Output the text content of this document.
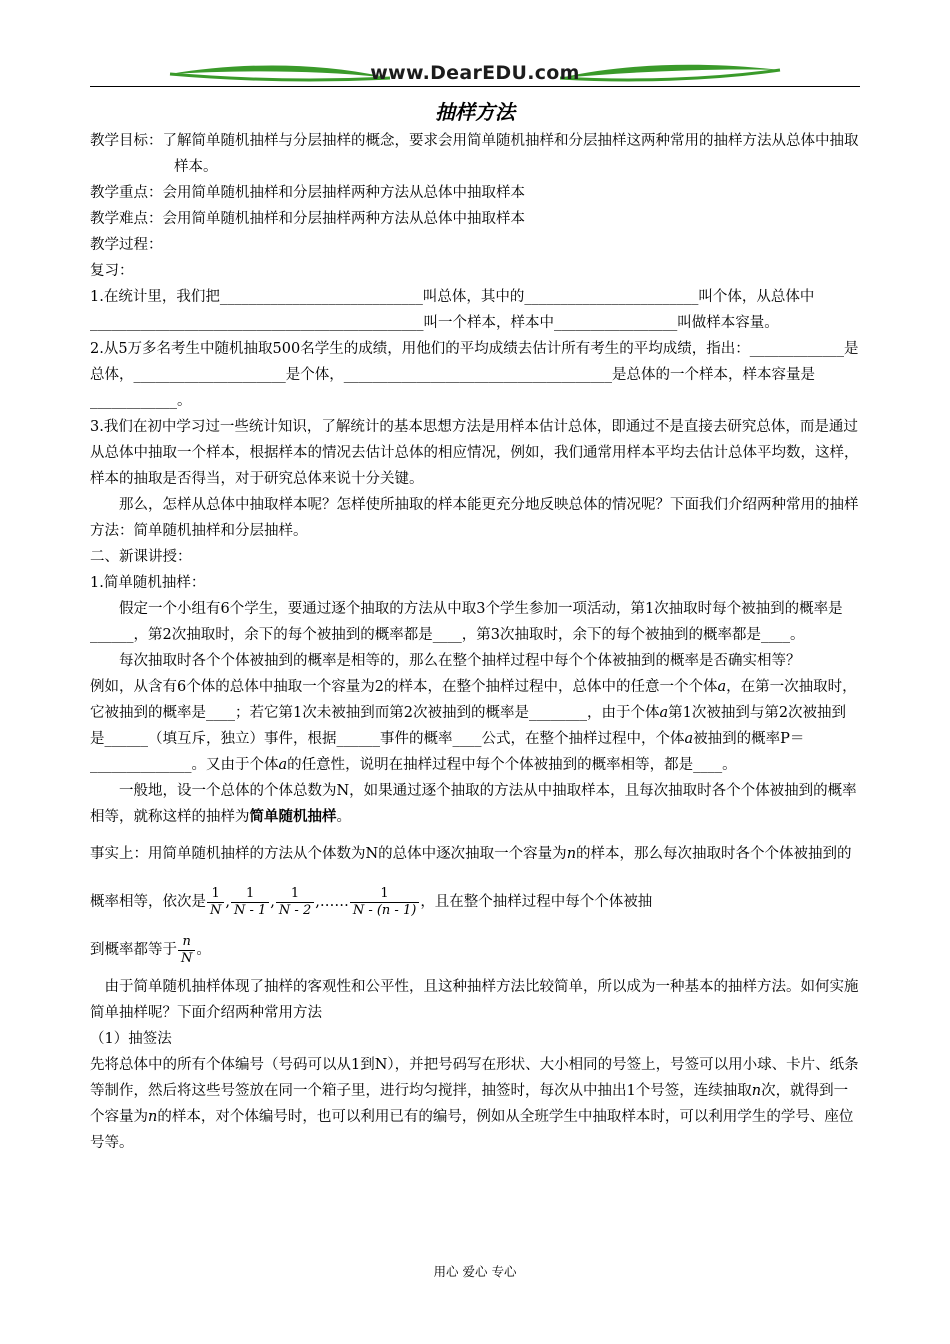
www.DearEDU.com
抽样方法

教学目标：了解简单随机抽样与分层抽样的概念，要求会用简单随机抽样和分层抽样这两种常用的抽样方法从总体中抽取样本。

教学重点：会用简单随机抽样和分层抽样两种方法从总体中抽取样本

教学难点：会用简单随机抽样和分层抽样两种方法从总体中抽取样本

教学过程：

复习：

1.在统计里，我们把____________________________叫总体，其中的________________________叫个体，从总体中______________________________________________叫一个样本，样本中_________________叫做样本容量。

2.从5万多名考生中随机抽取500名学生的成绩，用他们的平均成绩去估计所有考生的平均成绩，指出：_____________是总体，_____________________是个体，_____________________________________是总体的一个样本，样本容量是____________。

3.我们在初中学习过一些统计知识，了解统计的基本思想方法是用样本估计总体，即通过不是直接去研究总体，而是通过从总体中抽取一个样本，根据样本的情况去估计总体的相应情况，例如，我们通常用样本平均去估计总体平均数，这样，样本的抽取是否得当，对于研究总体来说十分关键。

那么，怎样从总体中抽取样本呢？怎样使所抽取的样本能更充分地反映总体的情况呢？下面我们介绍两种常用的抽样方法：简单随机抽样和分层抽样。

二、新课讲授：

1.简单随机抽样：

假定一个小组有6个学生，要通过逐个抽取的方法从中取3个学生参加一项活动，第1次抽取时每个被抽到的概率是______，第2次抽取时，余下的每个被抽到的概率都是____，第3次抽取时，余下的每个被抽到的概率都是____。

每次抽取时各个个体被抽到的概率是相等的，那么在整个抽样过程中每个个体被抽到的概率是否确实相等？

例如，从含有6个体的总体中抽取一个容量为2的样本，在整个抽样过程中，总体中的任意一个个体a，在第一次抽取时，它被抽到的概率是____；若它第1次未被抽到而第2次被抽到的概率是________，由于个体a第1次被抽到与第2次被抽到是______（填互斥，独立）事件，根据______事件的概率____公式，在整个抽样过程中，个体a被抽到的概率P＝______________。又由于个体a的任意性，说明在抽样过程中每个个体被抽到的概率相等，都是____。

一般地，设一个总体的个体总数为N，如果通过逐个抽取的方法从中抽取样本，且每次抽取时各个个体被抽到的概率相等，就称这样的抽样为简单随机抽样。

事实上：用简单随机抽样的方法从个体数为N的总体中逐次抽取一个容量为n的样本，那么每次抽取时各个个体被抽到的概率相等，依次是 $\frac{1}{N}$ , $\frac{1}{N - 1}$ , $\frac{1}{N - 2}$ ,…… $\frac{1}{N - (n - 1)}$ ，且在整个抽样过程中每个个体被抽
到概率都等于 $\frac{n}{N}$ 。

由于简单随机抽样体现了抽样的客观性和公平性，且这种抽样方法比较简单，所以成为一种基本的抽样方法。如何实施简单抽样呢？下面介绍两种常用方法

（1）抽签法

先将总体中的所有个体编号（号码可以从1到N），并把号码写在形状、大小相同的号签上，号签可以用小球、卡片、纸条等制作，然后将这些号签放在同一个箱子里，进行均匀搅拌，抽签时，每次从中抽出1个号签，连续抽取n次，就得到一个容量为n的样本，对个体编号时，也可以利用已有的编号，例如从全班学生中抽取样本时，可以利用学生的学号、座位号等。

用心 爱心 专心
